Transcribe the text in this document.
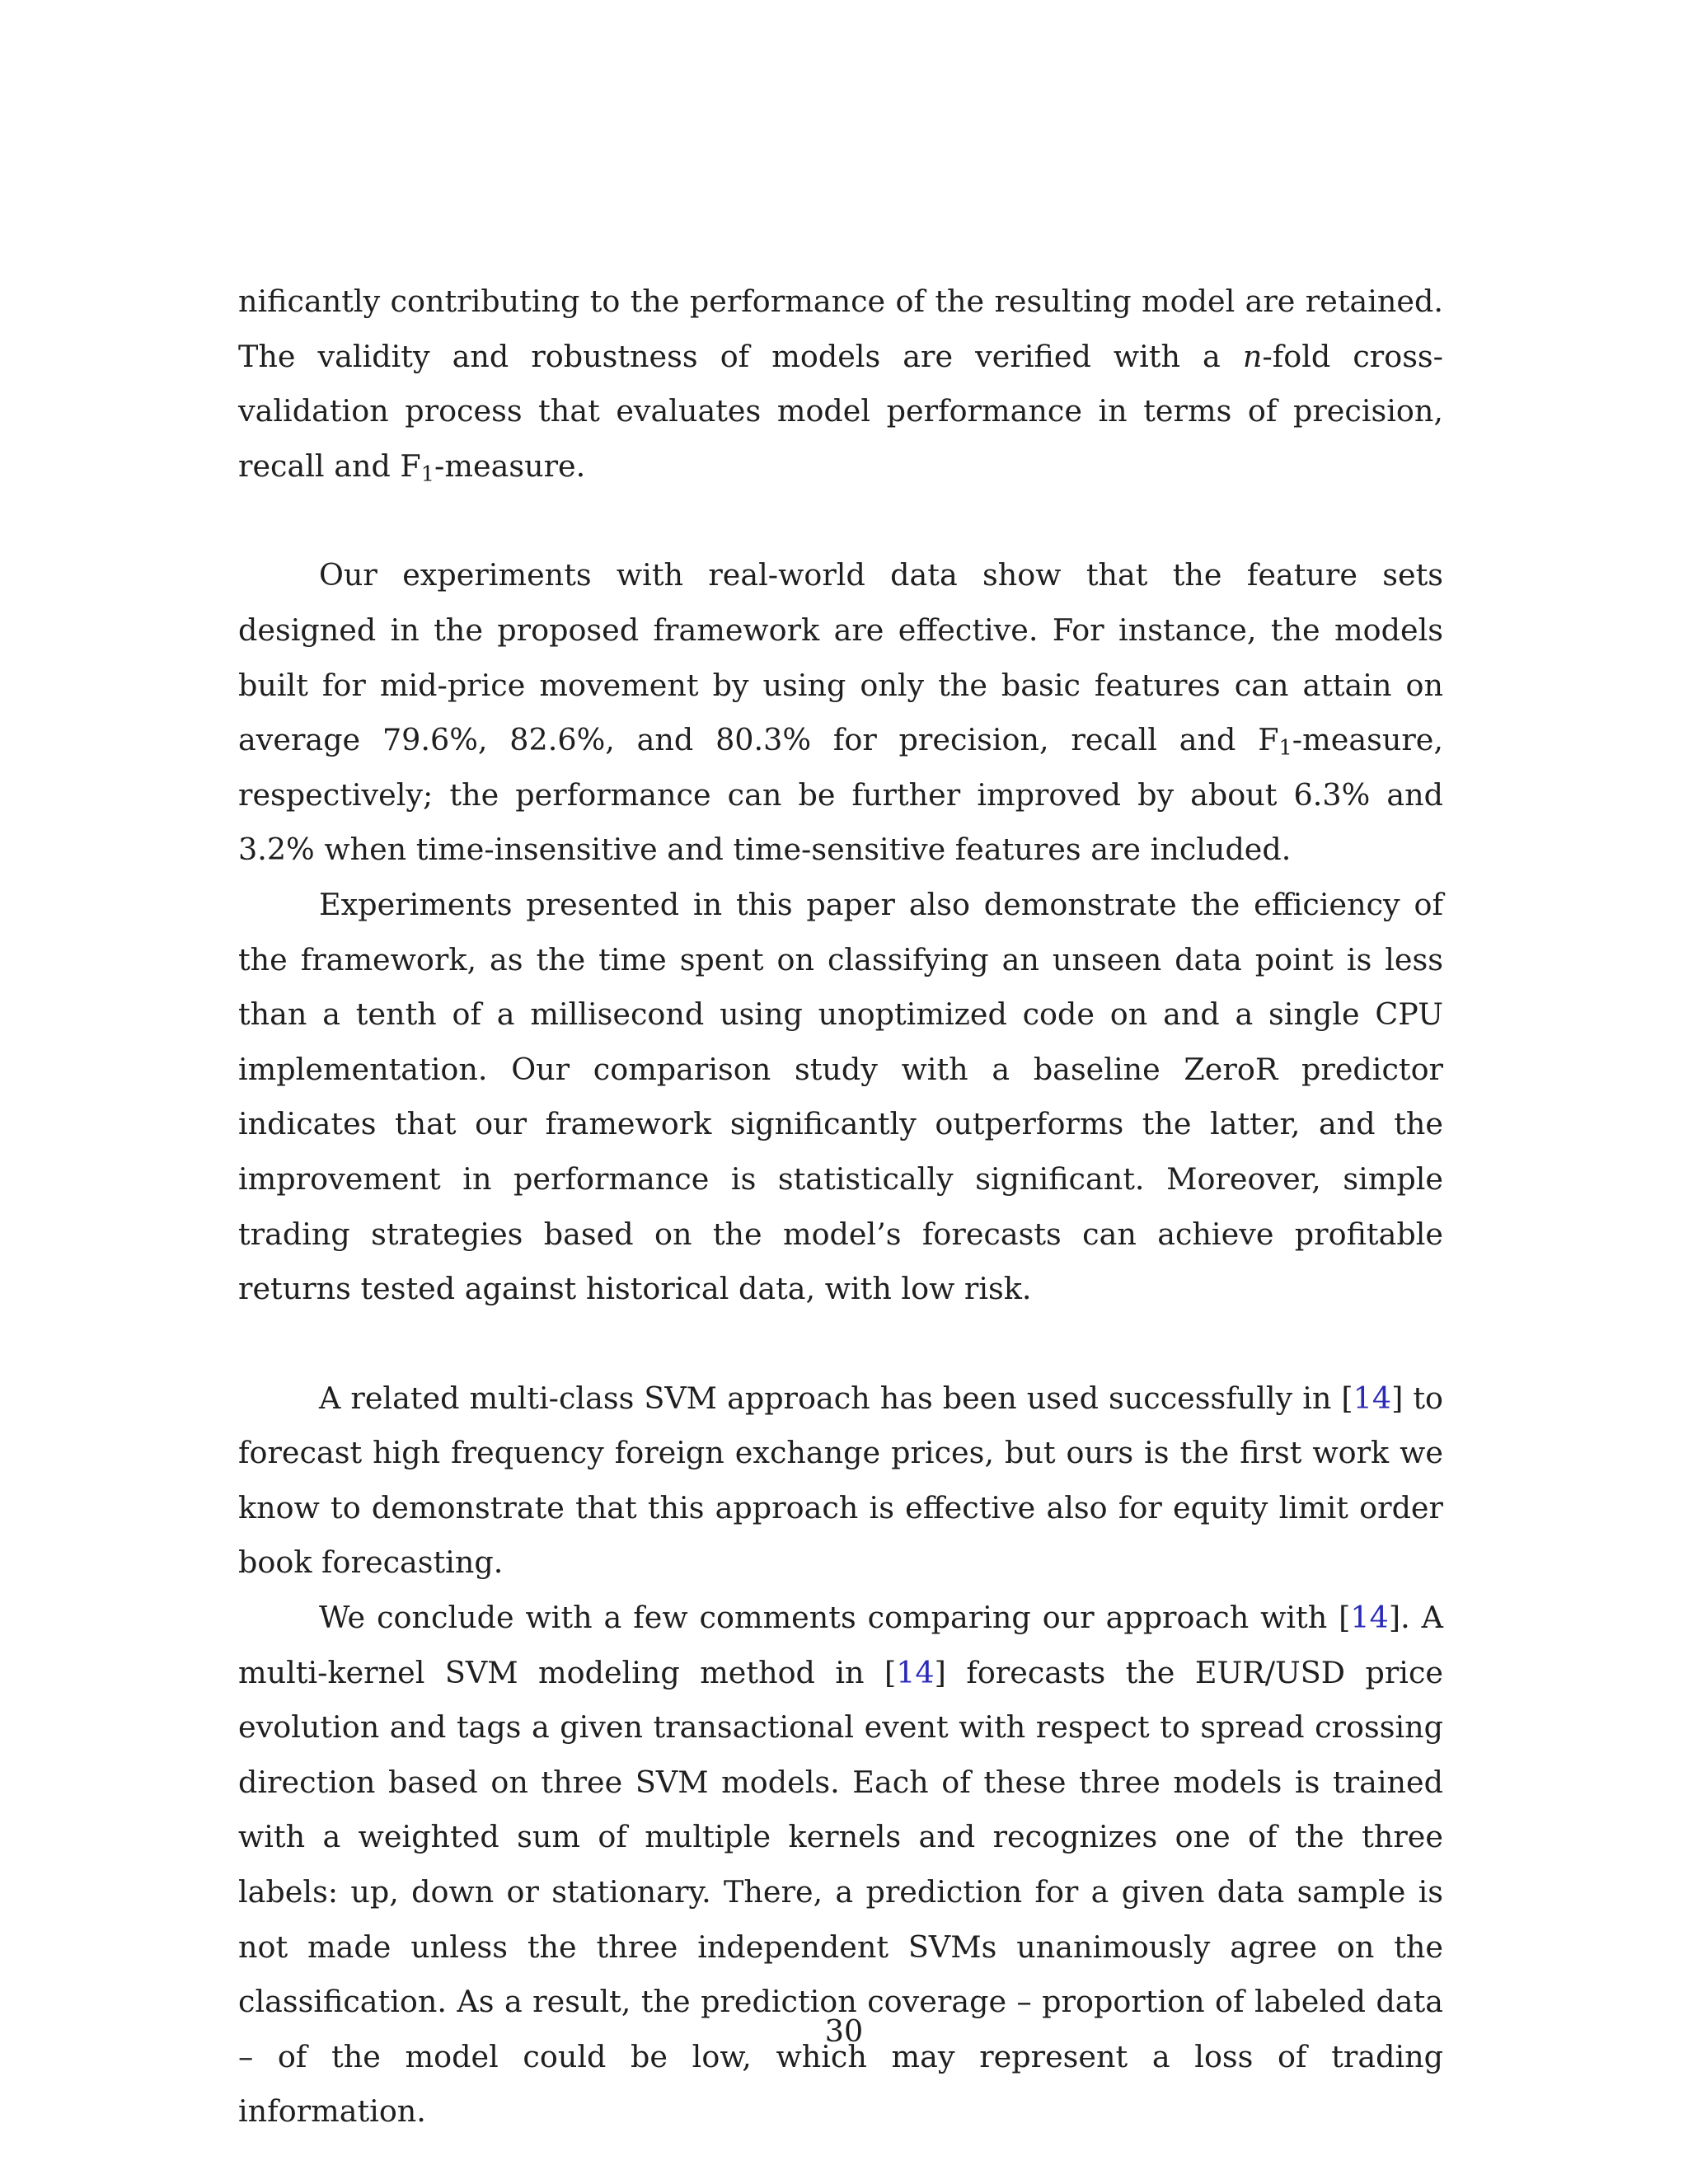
nificantly contributing to the performance of the resulting model are retained. The validity and robustness of models are verified with a n-fold cross-validation process that evaluates model performance in terms of precision, recall and $F_1$-measure.

Our experiments with real-world data show that the feature sets designed in the proposed framework are effective. For instance, the models built for mid-price movement by using only the basic features can attain on average 79.6%, 82.6%, and 80.3% for precision, recall and $F_1$-measure, respectively; the performance can be further improved by about 6.3% and 3.2% when time-insensitive and time-sensitive features are included.

Experiments presented in this paper also demonstrate the efficiency of the framework, as the time spent on classifying an unseen data point is less than a tenth of a millisecond using unoptimized code on and a single CPU implementation. Our comparison study with a baseline ZeroR predictor indicates that our framework significantly outperforms the latter, and the improvement in performance is statistically significant. Moreover, simple trading strategies based on the model’s forecasts can achieve profitable returns tested against historical data, with low risk.

A related multi-class SVM approach has been used successfully in [14] to forecast high frequency foreign exchange prices, but ours is the first work we know to demonstrate that this approach is effective also for equity limit order book forecasting.

We conclude with a few comments comparing our approach with [14]. A multi-kernel SVM modeling method in [14] forecasts the EUR/USD price evolution and tags a given transactional event with respect to spread crossing direction based on three SVM models. Each of these three models is trained with a weighted sum of multiple kernels and recognizes one of the three labels: up, down or stationary. There, a prediction for a given data sample is not made unless the three independent SVMs unanimously agree on the classification. As a result, the prediction coverage – proportion of labeled data – of the model could be low, which may represent a loss of trading information.

30
